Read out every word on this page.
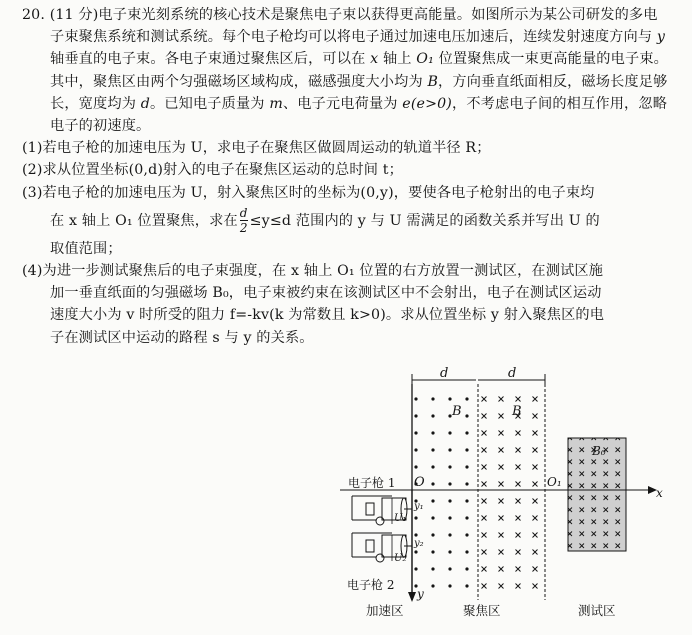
20. (11 分)电子束光刻系统的核心技术是聚焦电子束以获得更高能量。如图所示为某公司研发的多电子束聚焦系统和测试系统。每个电子枪均可以将电子通过加速电压加速后，连续发射速度方向与 y 轴垂直的电子束。各电子束通过聚焦区后，可以在 x 轴上 O₁ 位置聚焦成一束更高能量的电子束。其中，聚焦区由两个匀强磁场区域构成，磁感强度大小均为 B，方向垂直纸面相反，磁场长度足够长，宽度均为 d。已知电子质量为 m、电子元电荷量为 e(e>0)，不考虑电子间的相互作用，忽略电子的初速度。

(1)若电子枪的加速电压为 U，求电子在聚焦区做圆周运动的轨道半径 R；

(2)求从位置坐标(0,d)射入的电子在聚焦区运动的总时间 t；

(3)若电子枪的加速电压为 U，射入聚焦区时的坐标为(0,y)，要使各电子枪射出的电子束均

在 x 轴上 O₁ 位置聚焦，求在 $\frac{d}{2} \le y\le d$ 范围内的 y 与 U 需满足的函数关系并写出 U 的

取值范围；

(4)为进一步测试聚焦后的电子束强度，在 x 轴上 O₁ 位置的右方放置一测试区，在测试区施

加一垂直纸面的匀强磁场 B₀，电子束被约束在该测试区中不会射出，电子在测试区运动

速度大小为 v 时所受的阻力 f=-kv(k 为常数且 k>0)。求从位置坐标 y 射入聚焦区的电

子在测试区中运动的路程 s 与 y 的关系。

d	d
B	B
B₀
x
O	O₁
y
U₁
y₁
电子枪 1
U₂
y₂
电子枪 2
加速区	聚焦区	测试区
